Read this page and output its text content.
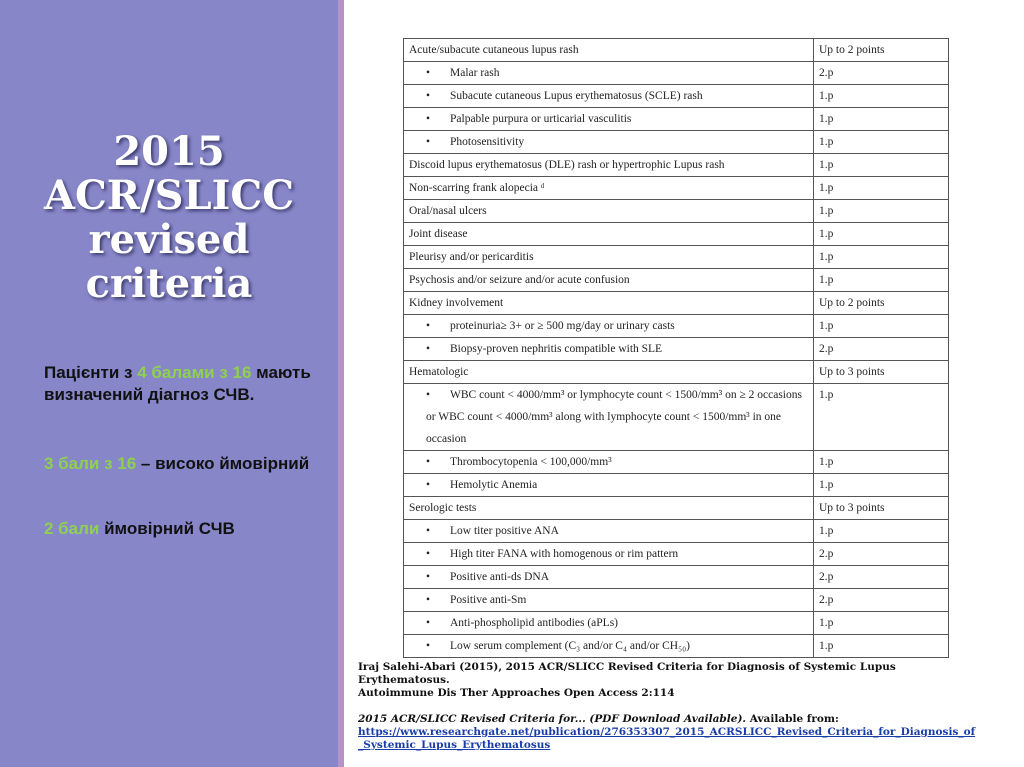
2015
ACR/SLICC
revised
criteria
Пацієнти з 4 балами з 16 мають визначений діагноз СЧВ.
3 бали з 16 – високо ймовірний
2 бали ймовірний СЧВ
Acute/subacute cutaneous lupus rash	Up to 2 points
• Malar rash	2.p
• Subacute cutaneous Lupus erythematosus (SCLE) rash	1.p
• Palpable purpura or urticarial vasculitis	1.p
• Photosensitivity	1.p
Discoid lupus erythematosus (DLE) rash or hypertrophic Lupus rash	1.p
Non-scarring frank alopecia ᵈ	1.p
Oral/nasal ulcers	1.p
Joint disease	1.p
Pleurisy and/or pericarditis	1.p
Psychosis and/or seizure and/or acute confusion	1.p
Kidney involvement	Up to 2 points
• proteinuria≥ 3+ or ≥ 500 mg/day or urinary casts	1.p
• Biopsy-proven nephritis compatible with SLE	2.p
Hematologic	Up to 3 points
• WBC count < 4000/mm³ or lymphocyte count < 1500/mm³ on ≥ 2 occasions or WBC count < 4000/mm³ along with lymphocyte count < 1500/mm³ in one occasion	1.p
• Thrombocytopenia < 100,000/mm³	1.p
• Hemolytic Anemia	1.p
Serologic tests	Up to 3 points
• Low titer positive ANA	1.p
• High titer FANA with homogenous or rim pattern	2.p
• Positive anti-ds DNA	2.p
• Positive anti-Sm	2.p
• Anti-phospholipid antibodies (aPLs)	1.p
• Low serum complement (C₃ and/or C₄ and/or CH₅₀)	1.p
Iraj Salehi-Abari (2015), 2015 ACR/SLICC Revised Criteria for Diagnosis of Systemic Lupus Erythematosus.
Autoimmune Dis Ther Approaches Open Access 2:114
2015 ACR/SLICC Revised Criteria for... (PDF Download Available). Available from:
https://www.researchgate.net/publication/276353307_2015_ACRSLICC_Revised_Criteria_for_Diagnosis_of_Systemic_Lupus_Erythematosus
